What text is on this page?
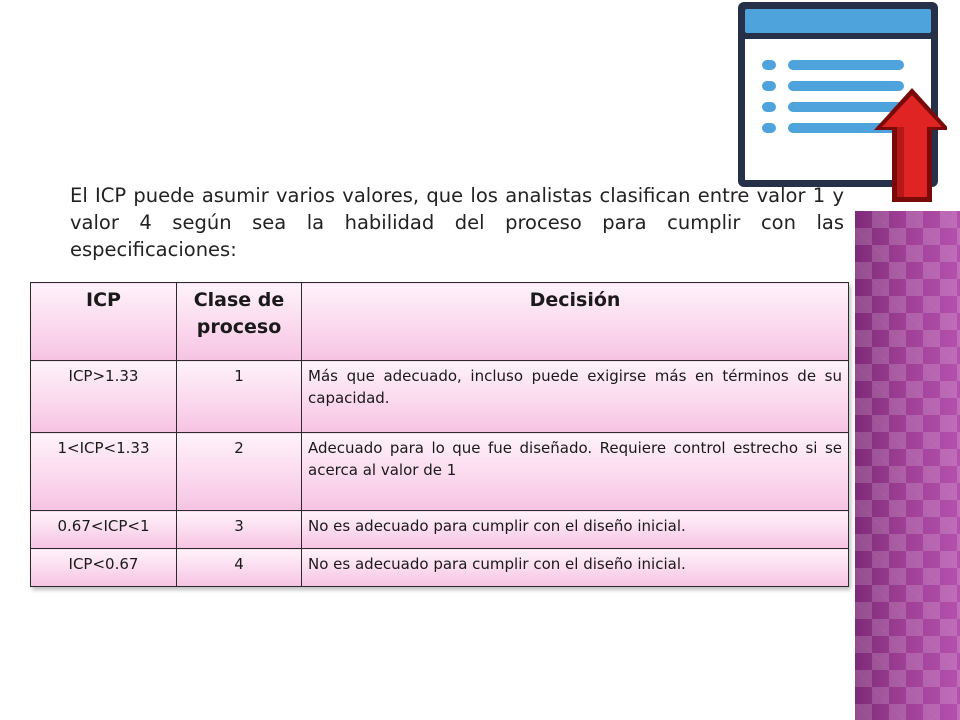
El ICP puede asumir varios valores, que los analistas clasifican entre valor 1 y valor 4 según sea la habilidad del proceso para cumplir con las especificaciones:

ICP	Clase de proceso	Decisión
ICP>1.33	1	Más que adecuado, incluso puede exigirse más en términos de su capacidad.
1<ICP<1.33	2	Adecuado para lo que fue diseñado. Requiere control estrecho si se acerca al valor de 1
0.67<ICP<1	3	No es adecuado para cumplir con el diseño inicial.
ICP<0.67	4	No es adecuado para cumplir con el diseño inicial.
